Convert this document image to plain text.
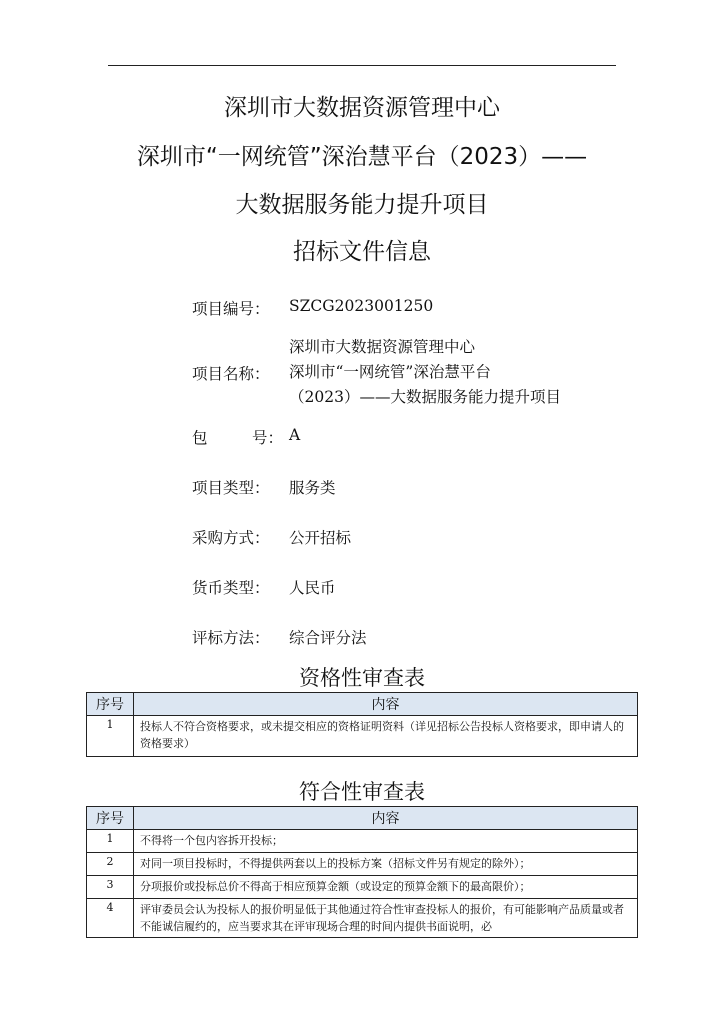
深圳市大数据资源管理中心
深圳市“一网统管”深治慧平台（2023）——
大数据服务能力提升项目
招标文件信息
项目编号：	SZCG2023001250
项目名称：
深圳市大数据资源管理中心
深圳市“一网统管”深治慧平台
（2023）——大数据服务能力提升项目
包	号： A
项目类型：	服务类
采购方式：	公开招标
货币类型：	人民币
评标方法：	综合评分法
资格性审查表
序号	内容
1	投标人不符合资格要求，或未提交相应的资格证明资料（详见招标公告投标人资格要求，即申请人的资格要求）
符合性审查表
序号	内容
1	不得将一个包内容拆开投标；
2	对同一项目投标时，不得提供两套以上的投标方案（招标文件另有规定的除外）；
3	分项报价或投标总价不得高于相应预算金额（或设定的预算金额下的最高限价）；
4	评审委员会认为投标人的报价明显低于其他通过符合性审查投标人的报价，有可能影响产品质量或者不能诚信履约的，应当要求其在评审现场合理的时间内提供书面说明，必
